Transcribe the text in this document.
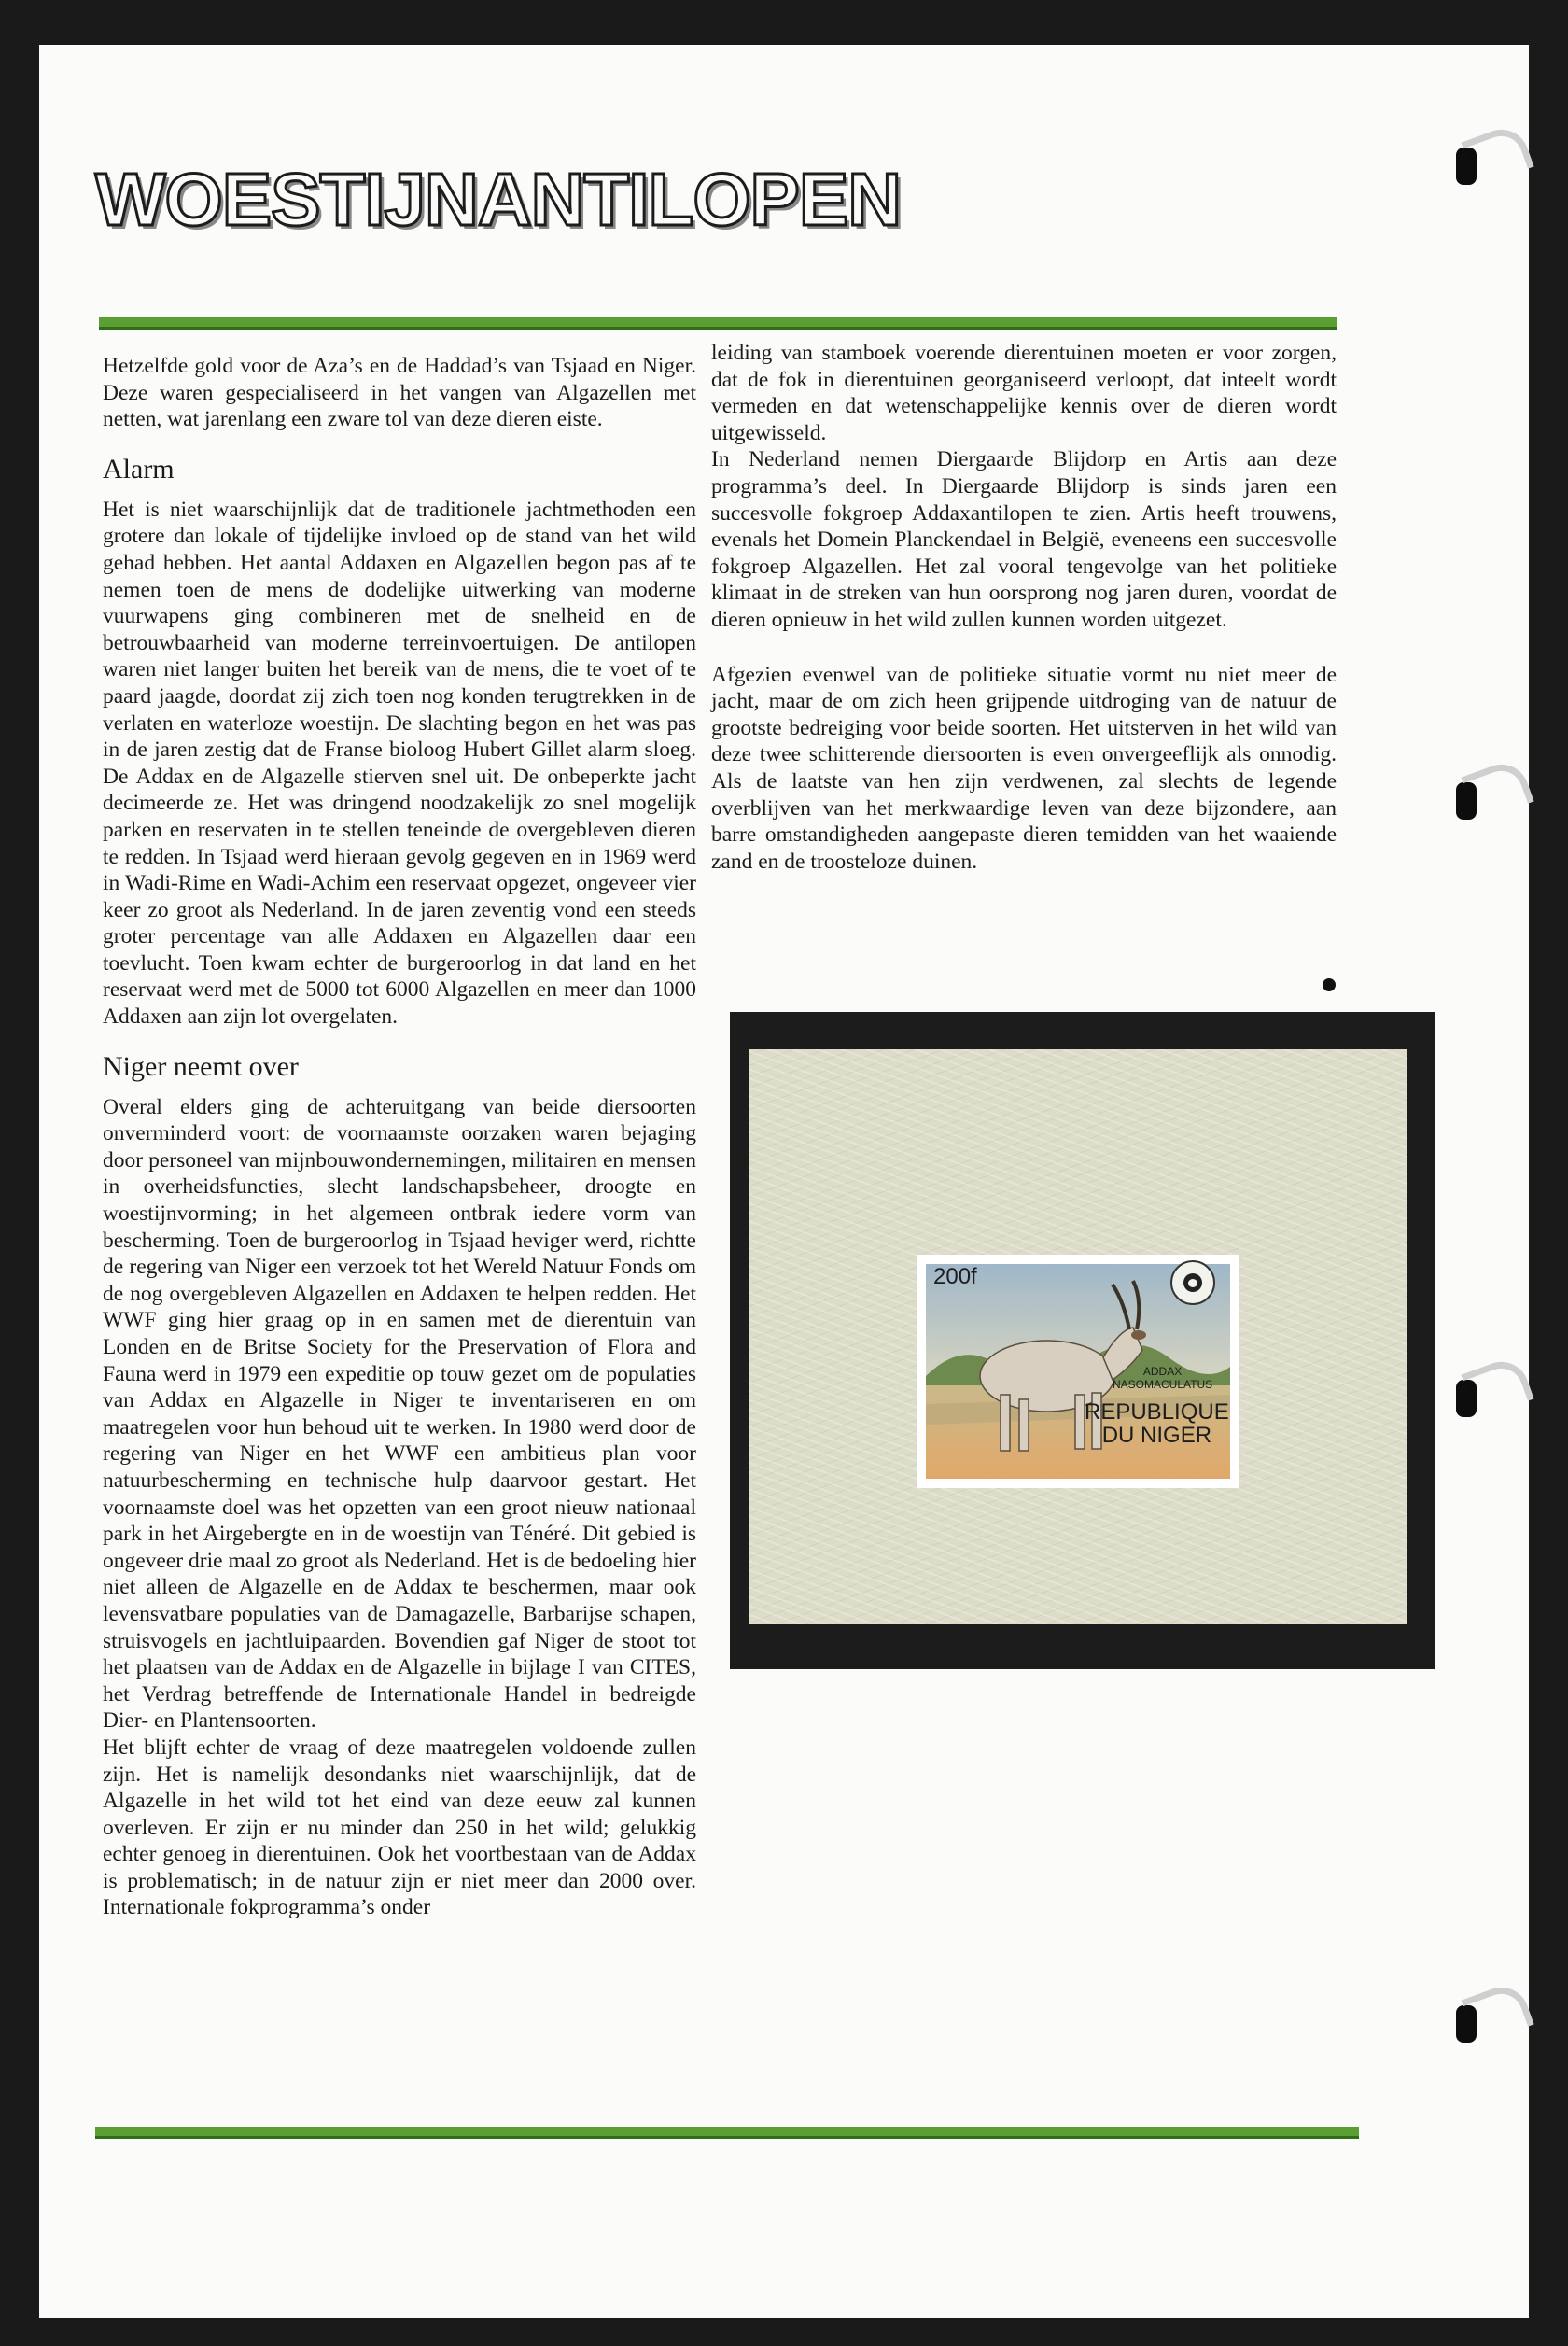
WOESTIJNANTILOPEN

Hetzelfde gold voor de Aza’s en de Haddad’s van Tsjaad en Niger. Deze waren gespecialiseerd in het vangen van Algazellen met netten, wat jarenlang een zware tol van deze dieren eiste.

Alarm

Het is niet waarschijnlijk dat de traditionele jachtmethoden een grotere dan lokale of tijdelijke invloed op de stand van het wild gehad hebben. Het aantal Addaxen en Algazellen begon pas af te nemen toen de mens de dodelijke uitwerking van moderne vuurwapens ging combineren met de snelheid en de betrouwbaarheid van moderne terreinvoertuigen. De antilopen waren niet langer buiten het bereik van de mens, die te voet of te paard jaagde, doordat zij zich toen nog konden terugtrekken in de verlaten en waterloze woestijn. De slachting begon en het was pas in de jaren zestig dat de Franse bioloog Hubert Gillet alarm sloeg. De Addax en de Algazelle stierven snel uit. De onbeperkte jacht decimeerde ze. Het was dringend noodzakelijk zo snel mogelijk parken en reservaten in te stellen teneinde de overgebleven dieren te redden. In Tsjaad werd hieraan gevolg gegeven en in 1969 werd in Wadi-Rime en Wadi-Achim een reservaat opgezet, ongeveer vier keer zo groot als Nederland. In de jaren zeventig vond een steeds groter percentage van alle Addaxen en Algazellen daar een toevlucht. Toen kwam echter de burgeroorlog in dat land en het reservaat werd met de 5000 tot 6000 Algazellen en meer dan 1000 Addaxen aan zijn lot overgelaten.

Niger neemt over

Overal elders ging de achteruitgang van beide diersoorten onverminderd voort: de voornaamste oorzaken waren bejaging door personeel van mijnbouwondernemingen, militairen en mensen in overheidsfuncties, slecht landschapsbeheer, droogte en woestijnvorming; in het algemeen ontbrak iedere vorm van bescherming. Toen de burgeroorlog in Tsjaad heviger werd, richtte de regering van Niger een verzoek tot het Wereld Natuur Fonds om de nog overgebleven Algazellen en Addaxen te helpen redden. Het WWF ging hier graag op in en samen met de dierentuin van Londen en de Britse Society for the Preservation of Flora and Fauna werd in 1979 een expeditie op touw gezet om de populaties van Addax en Algazelle in Niger te inventariseren en om maatregelen voor hun behoud uit te werken. In 1980 werd door de regering van Niger en het WWF een ambitieus plan voor natuurbescherming en technische hulp daarvoor gestart. Het voornaamste doel was het opzetten van een groot nieuw nationaal park in het Airgebergte en in de woestijn van Ténéré. Dit gebied is ongeveer drie maal zo groot als Nederland. Het is de bedoeling hier niet alleen de Algazelle en de Addax te beschermen, maar ook levensvatbare populaties van de Damagazelle, Barbarijse schapen, struisvogels en jachtluipaarden. Bovendien gaf Niger de stoot tot het plaatsen van de Addax en de Algazelle in bijlage I van CITES, het Verdrag betreffende de Internationale Handel in bedreigde Dier- en Plantensoorten.

Het blijft echter de vraag of deze maatregelen voldoende zullen zijn. Het is namelijk desondanks niet waarschijnlijk, dat de Algazelle in het wild tot het eind van deze eeuw zal kunnen overleven. Er zijn er nu minder dan 250 in het wild; gelukkig echter genoeg in dierentuinen. Ook het voortbestaan van de Addax is problematisch; in de natuur zijn er niet meer dan 2000 over. Internationale fokprogramma’s onder

leiding van stamboek voerende dierentuinen moeten er voor zorgen, dat de fok in dierentuinen georganiseerd verloopt, dat inteelt wordt vermeden en dat wetenschappelijke kennis over de dieren wordt uitgewisseld.

In Nederland nemen Diergaarde Blijdorp en Artis aan deze programma’s deel. In Diergaarde Blijdorp is sinds jaren een succesvolle fokgroep Addaxantilopen te zien. Artis heeft trouwens, evenals het Domein Planckendael in België, eveneens een succesvolle fokgroep Algazellen. Het zal vooral tengevolge van het politieke klimaat in de streken van hun oorsprong nog jaren duren, voordat de dieren opnieuw in het wild zullen kunnen worden uitgezet.

Afgezien evenwel van de politieke situatie vormt nu niet meer de jacht, maar de om zich heen grijpende uitdroging van de natuur de grootste bedreiging voor beide soorten. Het uitsterven in het wild van deze twee schitterende diersoorten is even onvergeeflijk als onnodig. Als de laatste van hen zijn verdwenen, zal slechts de legende overblijven van het merkwaardige leven van deze bijzondere, aan barre omstandigheden aangepaste dieren temidden van het waaiende zand en de troosteloze duinen.

200f
ADDAX
NASOMACULATUS
REPUBLIQUE
DU NIGER
